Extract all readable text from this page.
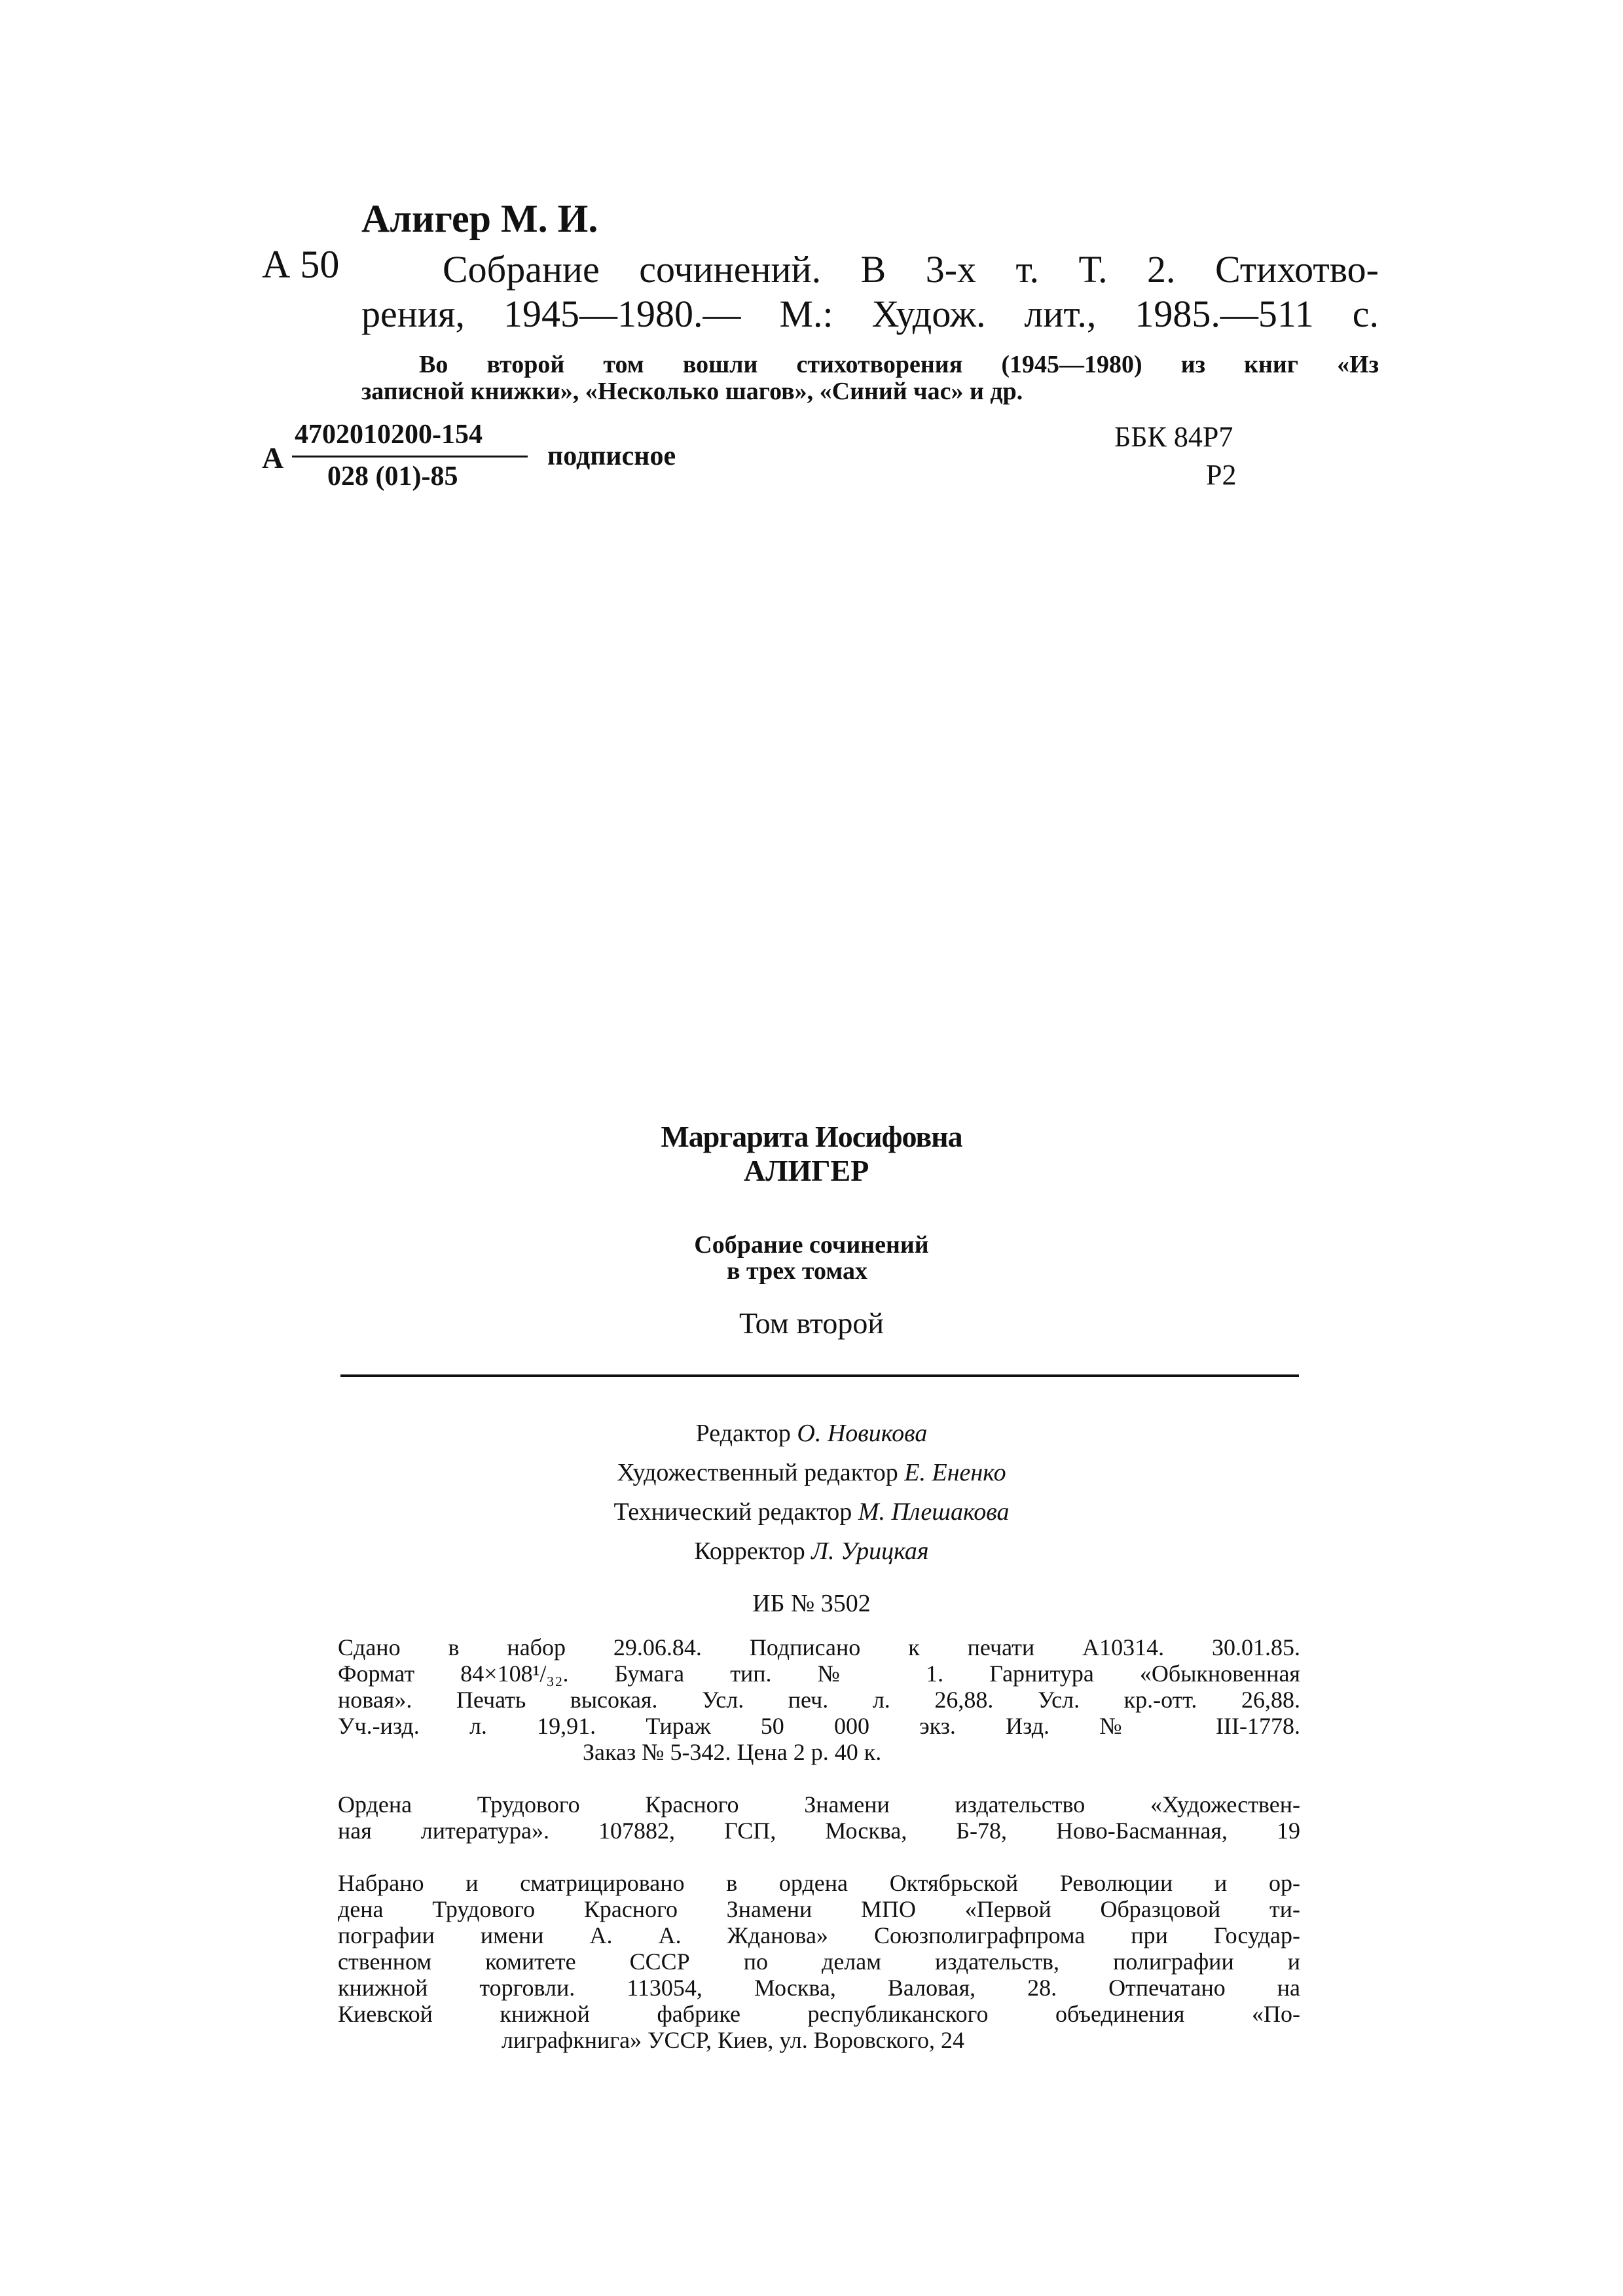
Алигер М. И.
А 50	Собрание сочинений. В 3-х т. Т. 2. Стихотво-
рения, 1945—1980.— М.: Худож. лит., 1985.—511 с.
Во второй том вошли стихотворения (1945—1980) из книг «Из
записной книжки», «Несколько шагов», «Синий час» и др.
А
4702010200-154
028 (01)-85
подписное
ББК 84Р7
Р2
Маргарита Иосифовна
АЛИГЕР
Собрание сочинений
в трех томах
Том второй
Редактор О. Новикова
Художественный редактор Е. Ененко
Технический редактор М. Плешакова
Корректор Л. Урицкая
ИБ № 3502
Сдано в набор 29.06.84. Подписано к печати А10314. 30.01.85.
Формат 84×108¹/₃₂. Бумага тип. № 1. Гарнитура «Обыкновенная
новая». Печать высокая. Усл. печ. л. 26,88. Усл. кр.-отт. 26,88.
Уч.-изд. л. 19,91. Тираж 50 000 экз. Изд. № III-1778.
Заказ № 5-342. Цена 2 р. 40 к.
Ордена Трудового Красного Знамени издательство «Художествен-
ная литература». 107882, ГСП, Москва, Б-78, Ново-Басманная, 19
Набрано и сматрицировано в ордена Октябрьской Революции и ор-
дена Трудового Красного Знамени МПО «Первой Образцовой ти-
пографии имени А. А. Жданова» Союзполиграфпрома при Государ-
ственном комитете СССР по делам издательств, полиграфии и
книжной торговли. 113054, Москва, Валовая, 28. Отпечатано на
Киевской книжной фабрике республиканского объединения «По-
лиграфкнига» УССР, Киев, ул. Воровского, 24
